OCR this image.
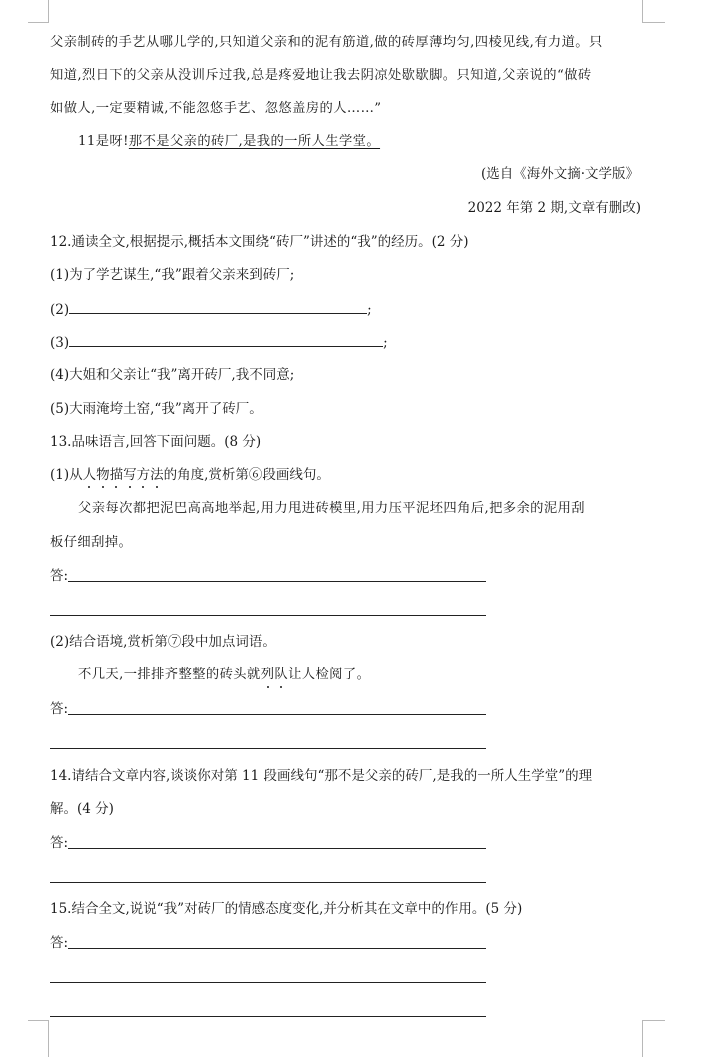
父亲制砖的手艺从哪儿学的,只知道父亲和的泥有筋道,做的砖厚薄均匀,四棱见线,有力道。只
知道,烈日下的父亲从没训斥过我,总是疼爱地让我去阴凉处歇歇脚。只知道,父亲说的“做砖
如做人,一定要精诚,不能忽悠手艺、忽悠盖房的人……”
11是呀!那不是父亲的砖厂,是我的一所人生学堂。
(选自《海外文摘·文学版》
2022 年第 2 期,文章有删改)
12.通读全文,根据提示,概括本文围绕“砖厂”讲述的“我”的经历。(2 分)
(1)为了学艺谋生,“我”跟着父亲来到砖厂;
(2)	;
(3)	;
(4)大姐和父亲让“我”离开砖厂,我不同意;
(5)大雨淹垮土窑,“我”离开了砖厂。
13.品味语言,回答下面问题。(8 分)
(1)从人物描写方法的角度,赏析第⑥段画线句。
父亲每次都把泥巴高高地举起,用力甩进砖模里,用力压平泥坯四角后,把多余的泥用刮
板仔细刮掉。
答:
(2)结合语境,赏析第⑦段中加点词语。
不几天,一排排齐整整的砖头就列队让人检阅了。
答:
14.请结合文章内容,谈谈你对第 11 段画线句“那不是父亲的砖厂,是我的一所人生学堂”的理
解。(4 分)
答:
15.结合全文,说说“我”对砖厂的情感态度变化,并分析其在文章中的作用。(5 分)
答:
